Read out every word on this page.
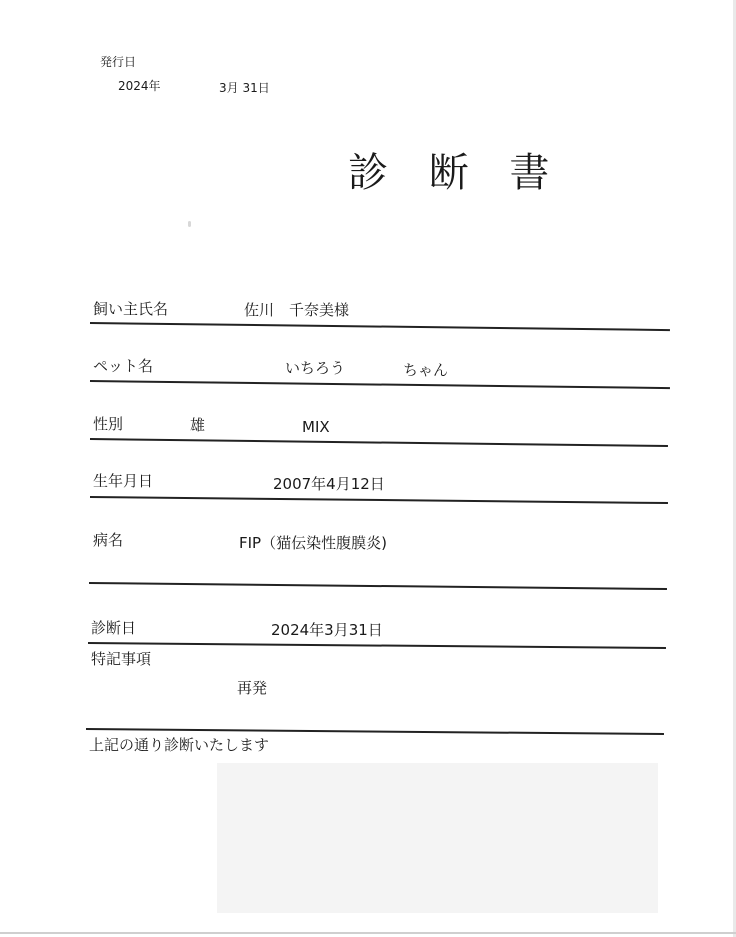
発行日
2024年	3月 31日
診 断 書
飼い主氏名	佐川　千奈美様
ペット名	いちろう	ちゃん
性別	雄	MIX
生年月日	2007年4月12日
病名	FIP（猫伝染性腹膜炎)
診断日	2024年3月31日
特記事項
再発
上記の通り診断いたします
